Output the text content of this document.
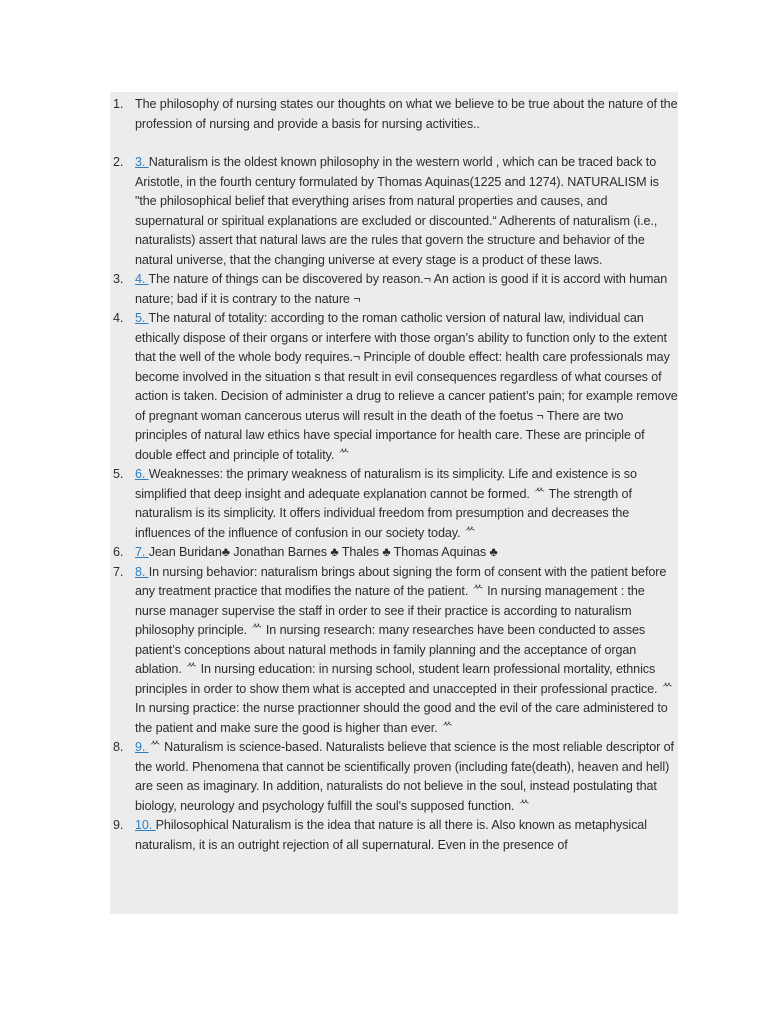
1. The philosophy of nursing states our thoughts on what we believe to be true about the nature of the profession of nursing and provide a basis for nursing activities..
2. 3. Naturalism is the oldest known philosophy in the western world , which can be traced back to Aristotle, in the fourth century formulated by Thomas Aquinas(1225 and 1274). NATURALISM is "the philosophical belief that everything arises from natural properties and causes, and supernatural or spiritual explanations are excluded or discounted.“ Adherents of naturalism (i.e., naturalists) assert that natural laws are the rules that govern the structure and behavior of the natural universe, that the changing universe at every stage is a product of these laws.
3. 4. The nature of things can be discovered by reason.¬ An action is good if it is accord with human nature; bad if it is contrary to the nature ¬
4. 5. The natural of totality: according to the roman catholic version of natural law, individual can ethically dispose of their organs or interfere with those organ’s ability to function only to the extent that the well of the whole body requires.¬ Principle of double effect: health care professionals may become involved in the situation s that result in evil consequences regardless of what courses of action is taken. Decision of administer a drug to relieve a cancer patient’s pain; for example remove of pregnant woman cancerous uterus will result in the death of the foetus ¬ There are two principles of natural law ethics have special importance for health care. These are principle of double effect and principle of totality. ᄊ
5. 6. Weaknesses: the primary weakness of naturalism is its simplicity. Life and existence is so simplified that deep insight and adequate explanation cannot be formed. ᄊ The strength of naturalism is its simplicity. It offers individual freedom from presumption and decreases the influences of the influence of confusion in our society today. ᄊ
6. 7. Jean Buridan♣ Jonathan Barnes ♣ Thales ♣ Thomas Aquinas ♣
7. 8. In nursing behavior: naturalism brings about signing the form of consent with the patient before any treatment practice that modifies the nature of the patient. ᄊ In nursing management : the nurse manager supervise the staff in order to see if their practice is according to naturalism philosophy principle. ᄊ In nursing research: many researches have been conducted to asses patient’s conceptions about natural methods in family planning and the acceptance of organ ablation. ᄊ In nursing education: in nursing school, student learn professional mortality, ethnics principles in order to show them what is accepted and unaccepted in their professional practice. ᄊ In nursing practice: the nurse practionner should the good and the evil of the care administered to the patient and make sure the good is higher than ever. ᄊ
8. 9. ᄊ Naturalism is science-based. Naturalists believe that science is the most reliable descriptor of the world. Phenomena that cannot be scientifically proven (including fate(death), heaven and hell) are seen as imaginary. In addition, naturalists do not believe in the soul, instead postulating that biology, neurology and psychology fulfill the soul's supposed function. ᄊ
9. 10. Philosophical Naturalism is the idea that nature is all there is. Also known as metaphysical naturalism, it is an outright rejection of all supernatural. Even in the presence of
